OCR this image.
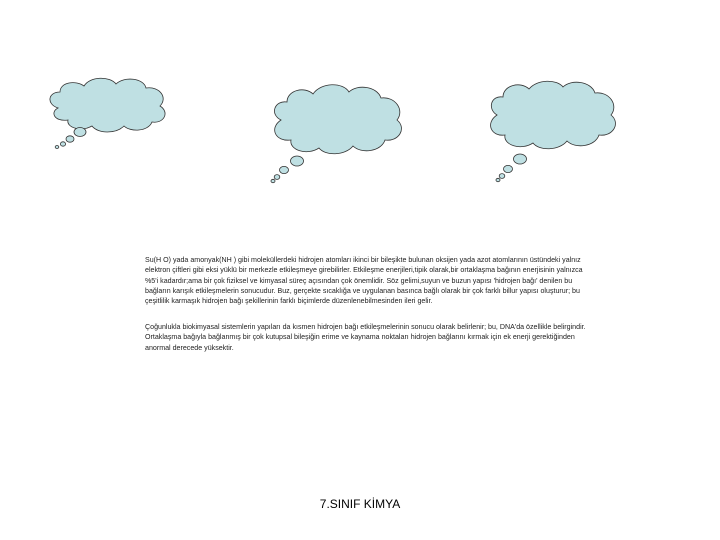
Su(H O) yada amonyak(NH ) gibi moleküllerdeki hidrojen atomları ikinci bir bileşikte bulunan oksijen yada azot atomlarının üstündeki yalnız elektron çiftleri gibi eksi yüklü bir merkezle etkileşmeye girebilirler. Etkileşme enerjileri,tipik olarak,bir ortaklaşma bağının enerjisinin yalnızca %5'i kadardır;ama bir çok fiziksel ve kimyasal süreç açısından çok önemlidir. Söz gelimi,suyun ve buzun yapısı 'hidrojen bağı' denilen bu bağların karışık etkileşmelerin sonucudur. Buz, gerçekte sıcaklığa ve uygulanan basınca bağlı olarak bir çok farklı billur yapısı oluşturur; bu çeşitlilik karmaşık hidrojen bağı şekillerinin farklı biçimlerde düzenlenebilmesinden ileri gelir.

Çoğunlukla biokimyasal sistemlerin yapıları da kısmen hidrojen bağı etkileşmelerinin sonucu olarak belirlenir; bu, DNA'da özellikle belirgindir. Ortaklaşma bağıyla bağlanmış bir çok kutupsal bileşiğin erime ve kaynama noktaları hidrojen bağlarını kırmak için ek enerji gerektiğinden anormal derecede yüksektir.

7.SINIF KİMYA
